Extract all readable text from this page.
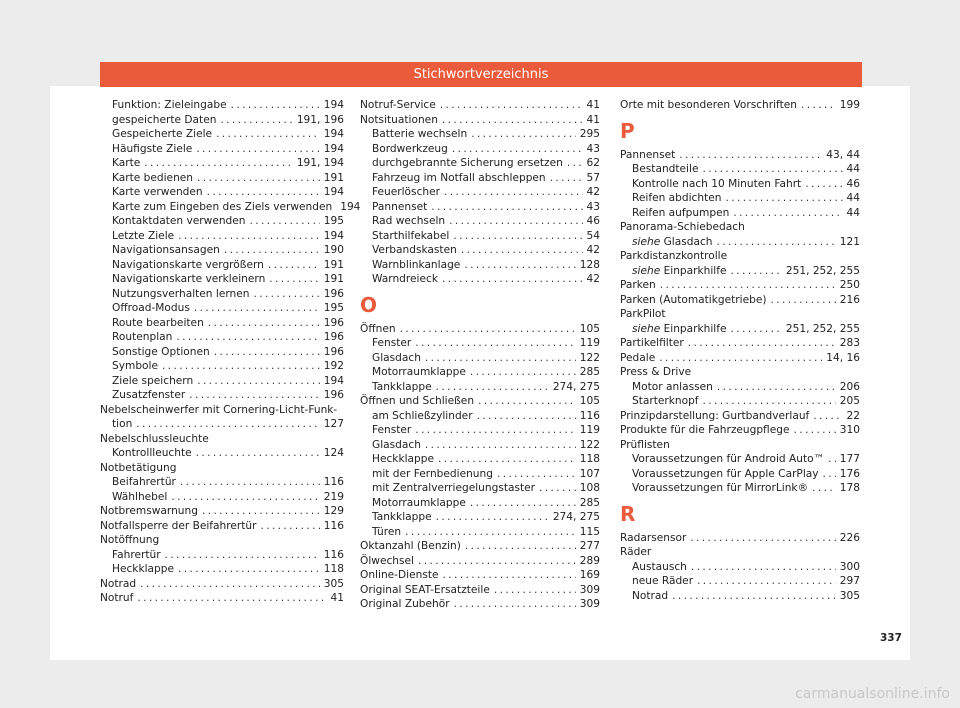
Stichwortverzeichnis
Funktion: Zieleingabe . . .	194
gespeicherte Daten . . .	191, 196
Gespeicherte Ziele . . .	194
Häufigste Ziele . . .	194
Karte . . .	191, 194
Karte bedienen . . .	191
Karte verwenden . . .	194
Karte zum Eingeben des Ziels verwenden 194
Kontaktdaten verwenden . . .	195
Letzte Ziele . . .	194
Navigationsansagen . . .	190
Navigationskarte vergrößern . . .	191
Navigationskarte verkleinern . . .	191
Nutzungsverhalten lernen . . .	196
Offroad-Modus . . .	195
Route bearbeiten . . .	196
Routenplan . . .	196
Sonstige Optionen . . .	196
Symbole . . .	192
Ziele speichern . . .	194
Zusatzfenster . . .	196
Nebelscheinwerfer mit Cornering-Licht-Funk-
tion . . .	127
Nebelschlussleuchte
Kontrollleuchte . . .	124
Notbetätigung
Beifahrertür . . .	116
Wählhebel . . .	219
Notbremswarnung . . .	129
Notfallsperre der Beifahrertür . . .	116
Notöffnung
Fahrertür . . .	116
Heckklappe . . .	118
Notrad . . .	305
Notruf . . .	41
Notruf-Service . . .	41
Notsituationen . . .	41
Batterie wechseln . . .	295
Bordwerkzeug . . .	43
durchgebrannte Sicherung ersetzen . . . 62
Fahrzeug im Notfall abschleppen . . .	57
Feuerlöscher . . .	42
Pannenset . . .	43
Rad wechseln . . .	46
Starthilfekabel . . .	54
Verbandskasten . . .	42
Warnblinkanlage . . .	128
Warndreieck . . .	42
O
Öffnen . . .	105
Fenster . . .	119
Glasdach . . .	122
Motorraumklappe . . .	285
Tankklappe . . .	274, 275
Öffnen und Schließen . . .	105
am Schließzylinder . . .	116
Fenster . . .	119
Glasdach . . .	122
Heckklappe . . .	118
mit der Fernbedienung . . .	107
mit Zentralverriegelungstaster . . .	108
Motorraumklappe . . .	285
Tankklappe . . .	274, 275
Türen . . .	115
Oktanzahl (Benzin) . . .	277
Ölwechsel . . .	289
Online-Dienste . . .	169
Original SEAT-Ersatzteile . . .	309
Original Zubehör . . .	309
Orte mit besonderen Vorschriften . . .	199
P
Pannenset . . .	43, 44
Bestandteile . . .	44
Kontrolle nach 10 Minuten Fahrt . . .	46
Reifen abdichten . . .	44
Reifen aufpumpen . . .	44
Panorama-Schiebedach
siehe Glasdach . . .	121
Parkdistanzkontrolle
siehe Einparkhilfe . . .	251, 252, 255
Parken . . .	250
Parken (Automatikgetriebe) . . .	216
ParkPilot
siehe Einparkhilfe . . .	251, 252, 255
Partikelfilter . . .	283
Pedale . . .	14, 16
Press & Drive
Motor anlassen . . .	206
Starterknopf . . .	205
Prinzipdarstellung: Gurtbandverlauf . . .	22
Produkte für die Fahrzeugpflege . . .	310
Prüflisten
Voraussetzungen für Android Auto™ . . . 177
Voraussetzungen für Apple CarPlay . . . 176
Voraussetzungen für MirrorLink® . . .	178
R
Radarsensor . . .	226
Räder
Austausch . . .	300
neue Räder . . .	297
Notrad . . .	305
337
carmanualsonline.info
